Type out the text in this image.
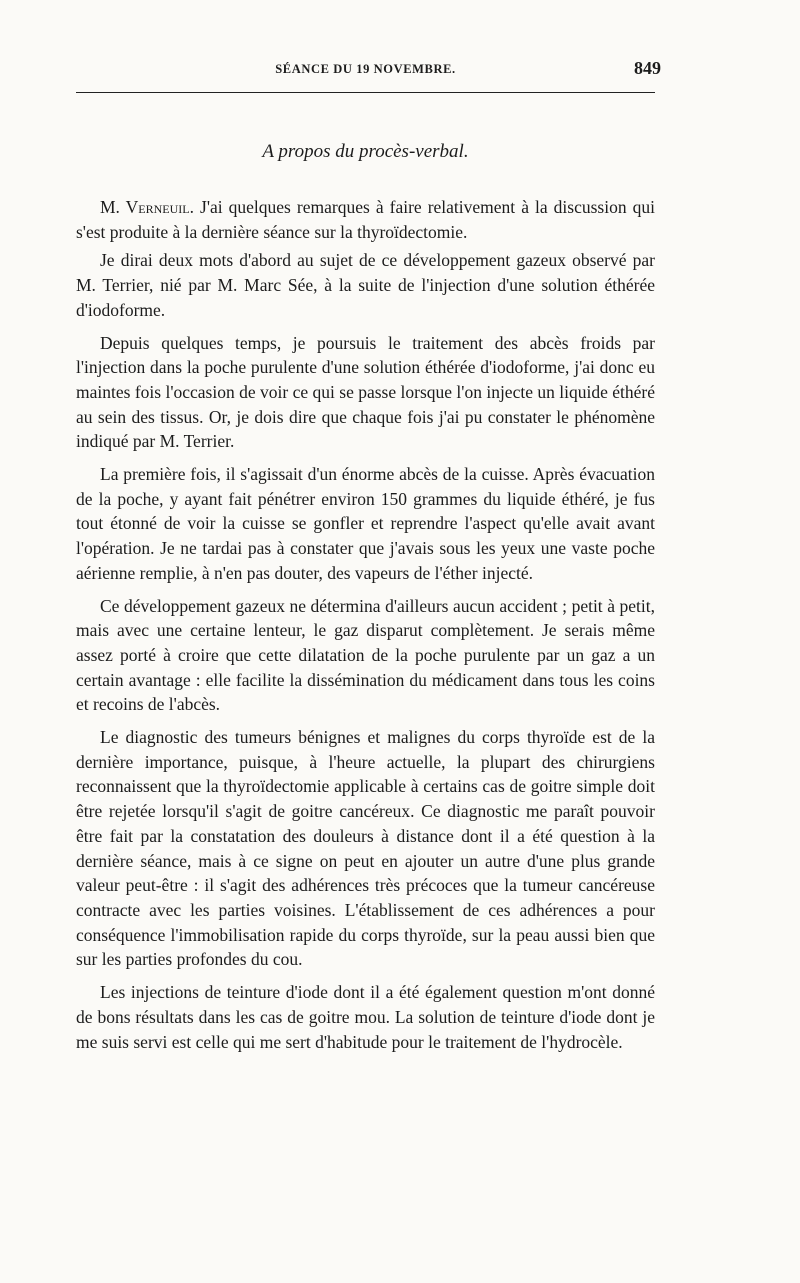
SÉANCE DU 19 NOVEMBRE.	849
A propos du procès-verbal.

M. Verneuil. J'ai quelques remarques à faire relativement à la discussion qui s'est produite à la dernière séance sur la thyroïdectomie.

Je dirai deux mots d'abord au sujet de ce développement gazeux observé par M. Terrier, nié par M. Marc Sée, à la suite de l'injection d'une solution éthérée d'iodoforme.

Depuis quelques temps, je poursuis le traitement des abcès froids par l'injection dans la poche purulente d'une solution éthérée d'iodoforme, j'ai donc eu maintes fois l'occasion de voir ce qui se passe lorsque l'on injecte un liquide éthéré au sein des tissus. Or, je dois dire que chaque fois j'ai pu constater le phénomène indiqué par M. Terrier.

La première fois, il s'agissait d'un énorme abcès de la cuisse. Après évacuation de la poche, y ayant fait pénétrer environ 150 grammes du liquide éthéré, je fus tout étonné de voir la cuisse se gonfler et reprendre l'aspect qu'elle avait avant l'opération. Je ne tardai pas à constater que j'avais sous les yeux une vaste poche aérienne remplie, à n'en pas douter, des vapeurs de l'éther injecté.

Ce développement gazeux ne détermina d'ailleurs aucun accident ; petit à petit, mais avec une certaine lenteur, le gaz disparut complètement. Je serais même assez porté à croire que cette dilatation de la poche purulente par un gaz a un certain avantage : elle facilite la dissémination du médicament dans tous les coins et recoins de l'abcès.

Le diagnostic des tumeurs bénignes et malignes du corps thyroïde est de la dernière importance, puisque, à l'heure actuelle, la plupart des chirurgiens reconnaissent que la thyroïdectomie applicable à certains cas de goitre simple doit être rejetée lorsqu'il s'agit de goitre cancéreux. Ce diagnostic me paraît pouvoir être fait par la constatation des douleurs à distance dont il a été question à la dernière séance, mais à ce signe on peut en ajouter un autre d'une plus grande valeur peut-être : il s'agit des adhérences très précoces que la tumeur cancéreuse contracte avec les parties voisines. L'établissement de ces adhérences a pour conséquence l'immobilisation rapide du corps thyroïde, sur la peau aussi bien que sur les parties profondes du cou.

Les injections de teinture d'iode dont il a été également question m'ont donné de bons résultats dans les cas de goitre mou. La solution de teinture d'iode dont je me suis servi est celle qui me sert d'habitude pour le traitement de l'hydrocèle.
